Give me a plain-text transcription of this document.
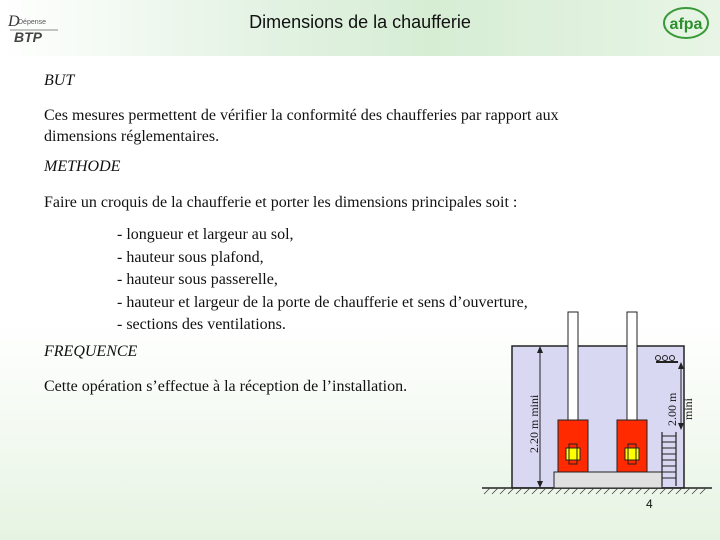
D
Dépense
BTP
Dimensions de la chaufferie	afpa
BUT
Ces mesures permettent de vérifier la conformité des chaufferies par rapport aux
dimensions réglementaires.
METHODE
Faire un croquis de la chaufferie et porter les dimensions principales soit :
- longueur et largeur au sol,
- hauteur sous plafond,
- hauteur sous passerelle,
- hauteur et largeur de la porte de chaufferie et sens d’ouverture,
- sections des ventilations.
FREQUENCE
Cette opération s’effectue à la réception de l’installation.
2.20 m mini	2.00 m mini
4
